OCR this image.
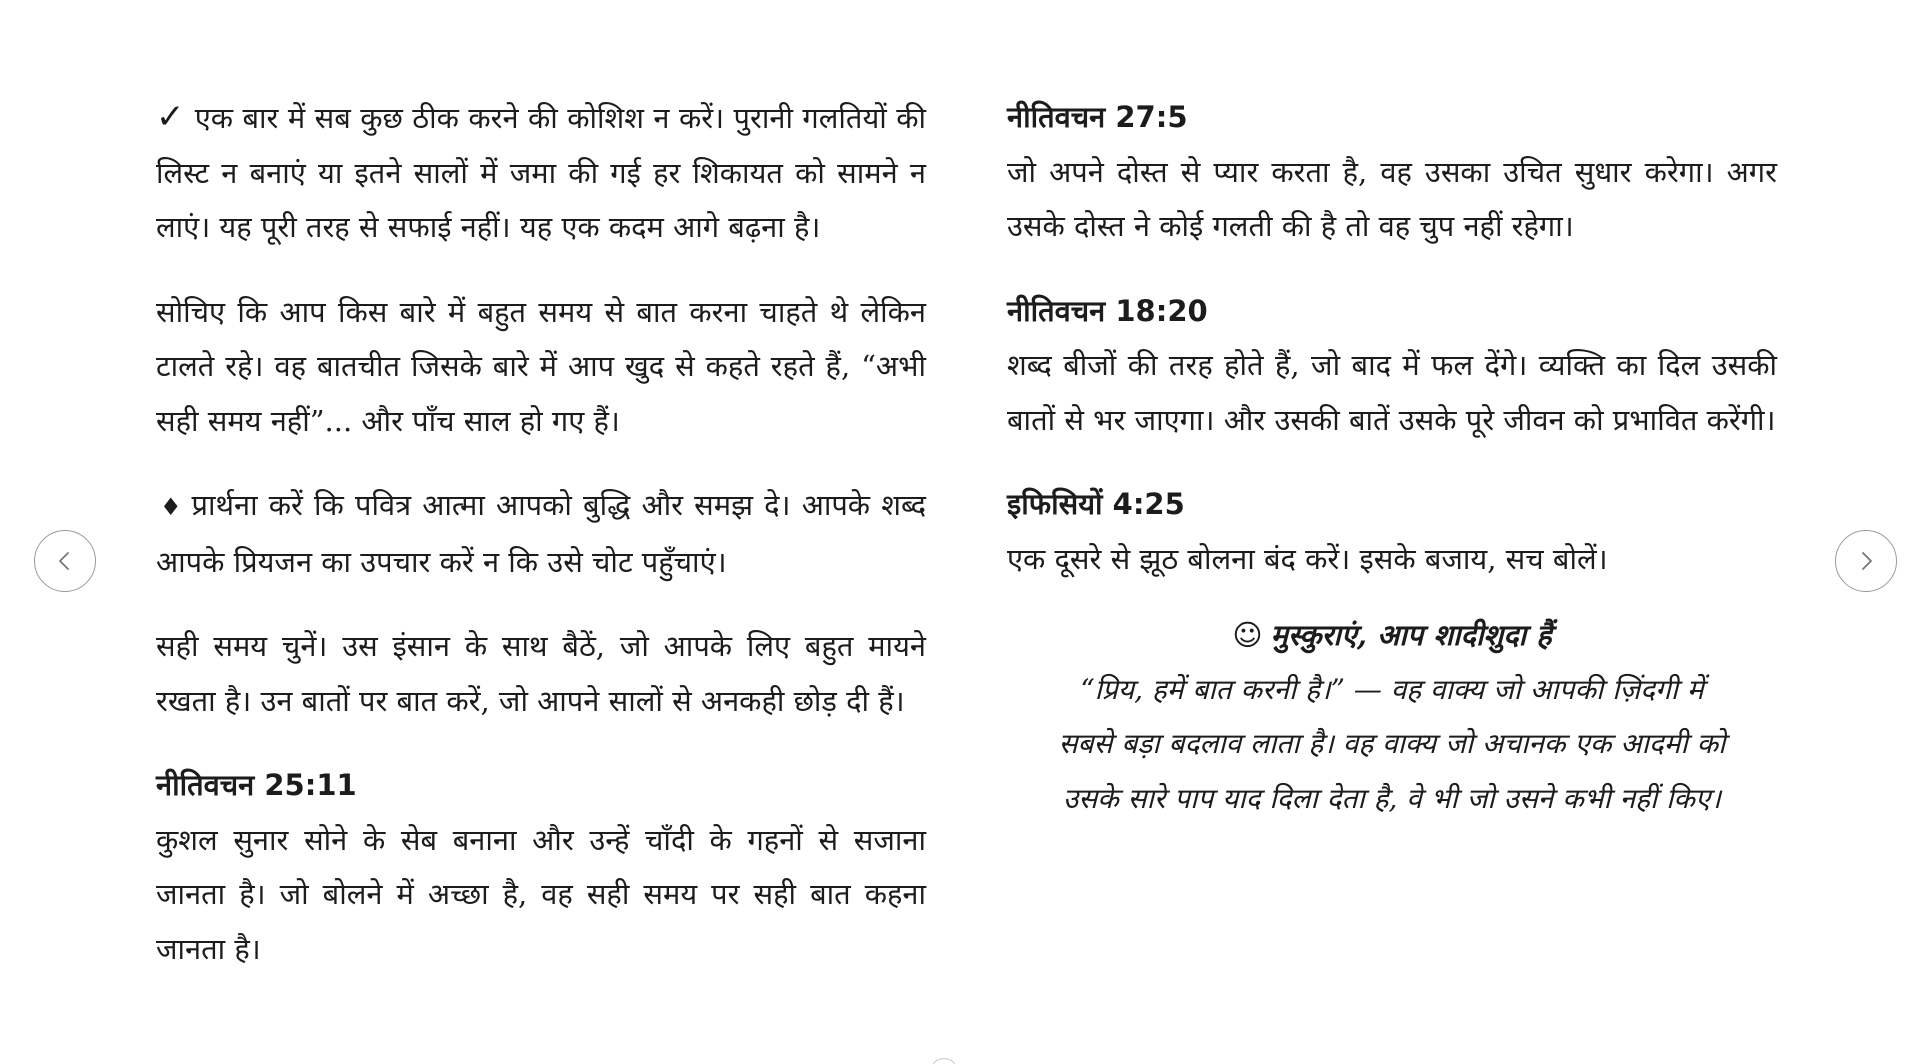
✓ एक बार में सब कुछ ठीक करने की कोशिश न करें। पुरानी गलतियों की लिस्ट न बनाएं या इतने सालों में जमा की गई हर शिकायत को सामने न लाएं। यह पूरी तरह से सफाई नहीं। यह एक कदम आगे बढ़ना है।

सोचिए कि आप किस बारे में बहुत समय से बात करना चाहते थे लेकिन टालते रहे। वह बातचीत जिसके बारे में आप खुद से कहते रहते हैं, “अभी सही समय नहीं”... और पाँच साल हो गए हैं।

♦ प्रार्थना करें कि पवित्र आत्मा आपको बुद्धि और समझ दे। आपके शब्द आपके प्रियजन का उपचार करें न कि उसे चोट पहुँचाएं।

सही समय चुनें। उस इंसान के साथ बैठें, जो आपके लिए बहुत मायने रखता है। उन बातों पर बात करें, जो आपने सालों से अनकही छोड़ दी हैं।

नीतिवचन 25:11

कुशल सुनार सोने के सेब बनाना और उन्हें चाँदी के गहनों से सजाना जानता है। जो बोलने में अच्छा है, वह सही समय पर सही बात कहना जानता है।

नीतिवचन 27:5

जो अपने दोस्त से प्यार करता है, वह उसका उचित सुधार करेगा। अगर उसके दोस्त ने कोई गलती की है तो वह चुप नहीं रहेगा।

नीतिवचन 18:20

शब्द बीजों की तरह होते हैं, जो बाद में फल देंगे। व्यक्ति का दिल उसकी बातों से भर जाएगा। और उसकी बातें उसके पूरे जीवन को प्रभावित करेंगी।

इफिसियों 4:25

एक दूसरे से झूठ बोलना बंद करें। इसके बजाय, सच बोलें।

☺ मुस्कुराएं, आप शादीशुदा हैं

“प्रिय, हमें बात करनी है।” — वह वाक्य जो आपकी ज़िंदगी में

सबसे बड़ा बदलाव लाता है। वह वाक्य जो अचानक एक आदमी को

उसके सारे पाप याद दिला देता है, वे भी जो उसने कभी नहीं किए।
